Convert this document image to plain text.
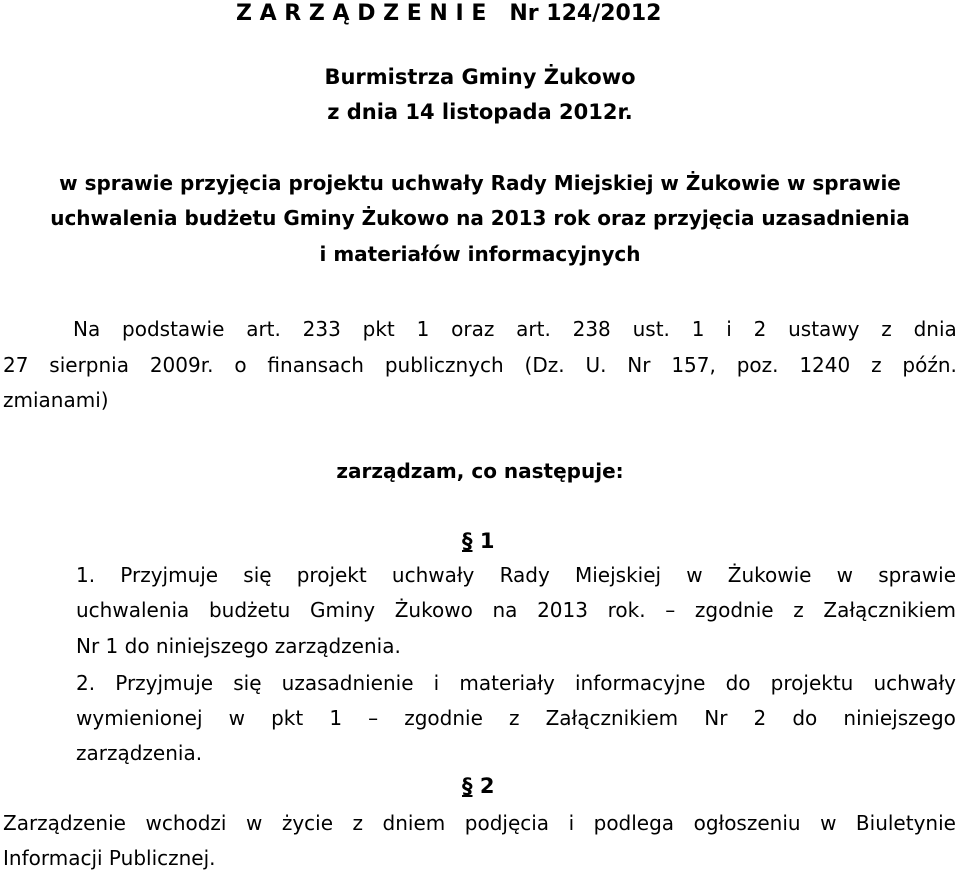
Z A R Z Ą D Z E N I E   Nr 124/2012
Burmistrza Gminy Żukowo
z dnia 14 listopada 2012r.
w sprawie przyjęcia projektu uchwały Rady Miejskiej w Żukowie w sprawie
uchwalenia budżetu Gminy Żukowo na 2013 rok oraz przyjęcia uzasadnienia
i materiałów informacyjnych
Na podstawie art. 233 pkt 1 oraz art. 238 ust. 1 i 2 ustawy z dnia
27 sierpnia 2009r. o finansach publicznych (Dz. U. Nr 157, poz. 1240 z późn.
zmianami)
zarządzam, co następuje:
§ 1
1. Przyjmuje się projekt uchwały Rady Miejskiej w Żukowie w sprawie
uchwalenia budżetu Gminy Żukowo na 2013 rok. – zgodnie z Załącznikiem
Nr 1 do niniejszego zarządzenia.
2. Przyjmuje się uzasadnienie i materiały informacyjne do projektu uchwały
wymienionej w pkt 1 – zgodnie z Załącznikiem Nr 2 do niniejszego
zarządzenia.
§ 2
Zarządzenie wchodzi w życie z dniem podjęcia i podlega ogłoszeniu w Biuletynie
Informacji Publicznej.
